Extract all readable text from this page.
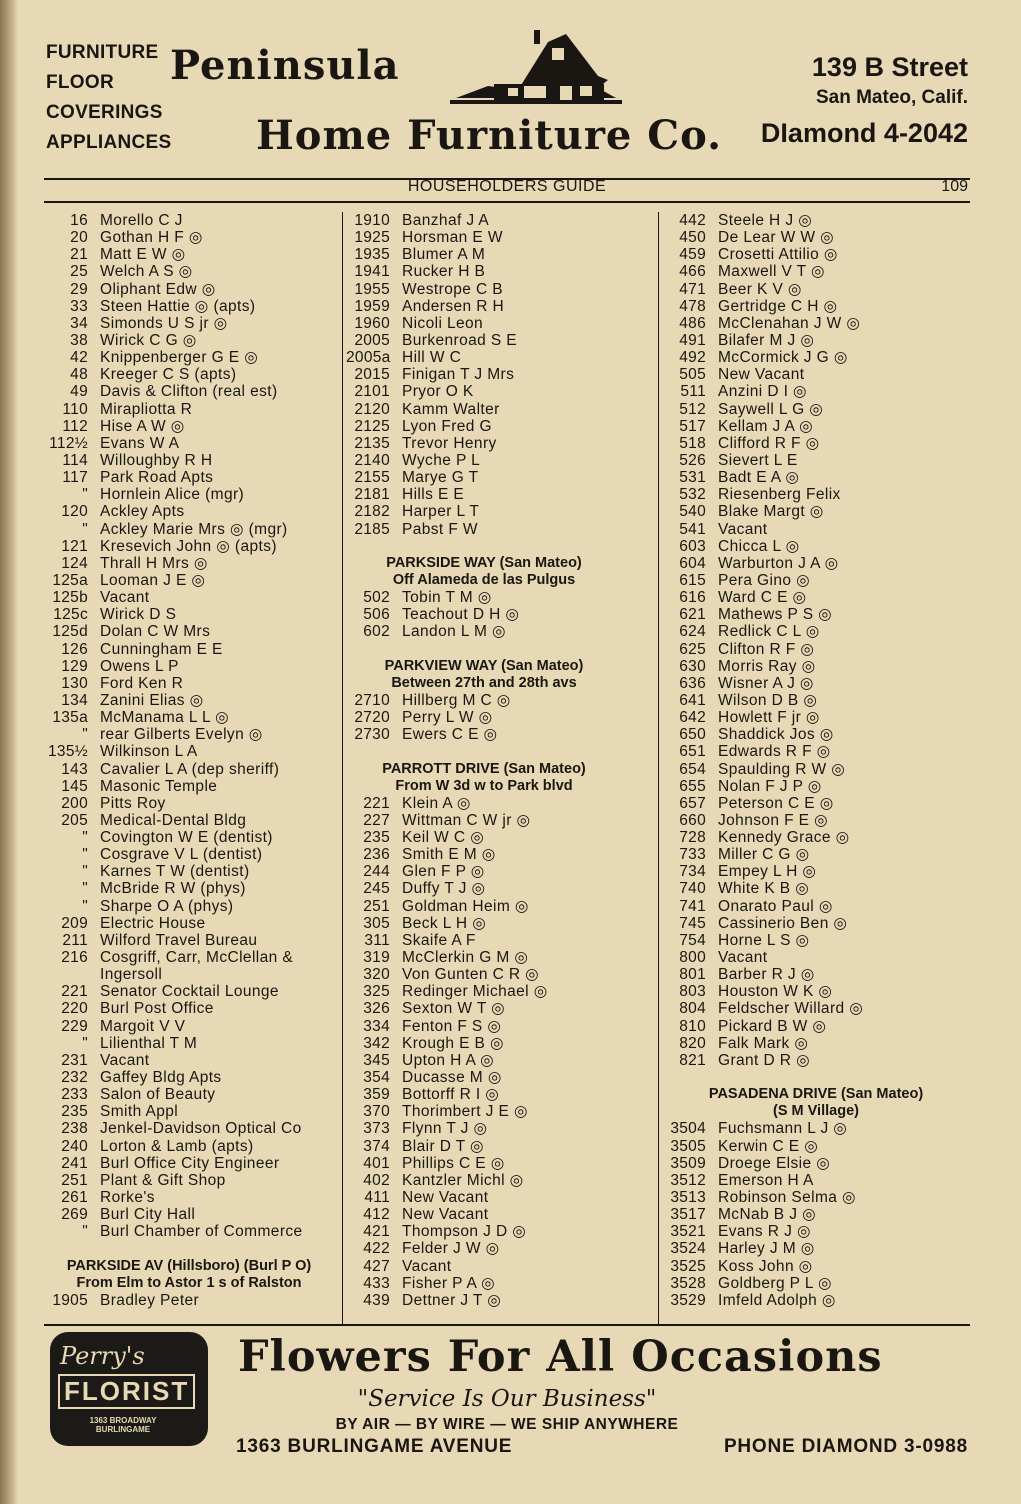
FURNITURE
FLOOR
COVERINGS
APPLIANCES
Peninsula
Home Furniture Co.
139 B Street
San Mateo, Calif.
DIamond 4-2042
HOUSEHOLDERS GUIDE	109
16 Morello C J
20 Gothan H F ◎
21 Matt E W ◎
25 Welch A S ◎
29 Oliphant Edw ◎
33 Steen Hattie ◎ (apts)
34 Simonds U S jr ◎
38 Wirick C G ◎
42 Knippenberger G E ◎
48 Kreeger C S (apts)
49 Davis & Clifton (real est)
110 Mirapliotta R
112 Hise A W ◎
112½ Evans W A
114 Willoughby R H
117 Park Road Apts
" Hornlein Alice (mgr)
120 Ackley Apts
" Ackley Marie Mrs ◎ (mgr)
121 Kresevich John ◎ (apts)
124 Thrall H Mrs ◎
125a Looman J E ◎
125b Vacant
125c Wirick D S
125d Dolan C W Mrs
126 Cunningham E E
129 Owens L P
130 Ford Ken R
134 Zanini Elias ◎
135a McManama L L ◎
" rear Gilberts Evelyn ◎
135½ Wilkinson L A
143 Cavalier L A (dep sheriff)
145 Masonic Temple
200 Pitts Roy
205 Medical-Dental Bldg
" Covington W E (dentist)
" Cosgrave V L (dentist)
" Karnes T W (dentist)
" McBride R W (phys)
" Sharpe O A (phys)
209 Electric House
211 Wilford Travel Bureau
216 Cosgriff, Carr, McClellan &
Ingersoll
221 Senator Cocktail Lounge
220 Burl Post Office
229 Margoit V V
" Lilienthal T M
231 Vacant
232 Gaffey Bldg Apts
233 Salon of Beauty
235 Smith Appl
238 Jenkel-Davidson Optical Co
240 Lorton & Lamb (apts)
241 Burl Office City Engineer
251 Plant & Gift Shop
261 Rorke's
269 Burl City Hall
" Burl Chamber of Commerce
PARKSIDE AV (Hillsboro) (Burl P O)
From Elm to Astor 1 s of Ralston
1905 Bradley Peter
1910 Banzhaf J A
1925 Horsman E W
1935 Blumer A M
1941 Rucker H B
1955 Westrope C B
1959 Andersen R H
1960 Nicoli Leon
2005 Burkenroad S E
2005a Hill W C
2015 Finigan T J Mrs
2101 Pryor O K
2120 Kamm Walter
2125 Lyon Fred G
2135 Trevor Henry
2140 Wyche P L
2155 Marye G T
2181 Hills E E
2182 Harper L T
2185 Pabst F W
PARKSIDE WAY (San Mateo)
Off Alameda de las Pulgus
502 Tobin T M ◎
506 Teachout D H ◎
602 Landon L M ◎
PARKVIEW WAY (San Mateo)
Between 27th and 28th avs
2710 Hillberg M C ◎
2720 Perry L W ◎
2730 Ewers C E ◎
PARROTT DRIVE (San Mateo)
From W 3d w to Park blvd
221 Klein A ◎
227 Wittman C W jr ◎
235 Keil W C ◎
236 Smith E M ◎
244 Glen F P ◎
245 Duffy T J ◎
251 Goldman Heim ◎
305 Beck L H ◎
311 Skaife A F
319 McClerkin G M ◎
320 Von Gunten C R ◎
325 Redinger Michael ◎
326 Sexton W T ◎
334 Fenton F S ◎
342 Krough E B ◎
345 Upton H A ◎
354 Ducasse M ◎
359 Bottorff R I ◎
370 Thorimbert J E ◎
373 Flynn T J ◎
374 Blair D T ◎
401 Phillips C E ◎
402 Kantzler Michl ◎
411 New Vacant
412 New Vacant
421 Thompson J D ◎
422 Felder J W ◎
427 Vacant
433 Fisher P A ◎
439 Dettner J T ◎
442 Steele H J ◎
450 De Lear W W ◎
459 Crosetti Attilio ◎
466 Maxwell V T ◎
471 Beer K V ◎
478 Gertridge C H ◎
486 McClenahan J W ◎
491 Bilafer M J ◎
492 McCormick J G ◎
505 New Vacant
511 Anzini D I ◎
512 Saywell L G ◎
517 Kellam J A ◎
518 Clifford R F ◎
526 Sievert L E
531 Badt E A ◎
532 Riesenberg Felix
540 Blake Margt ◎
541 Vacant
603 Chicca L ◎
604 Warburton J A ◎
615 Pera Gino ◎
616 Ward C E ◎
621 Mathews P S ◎
624 Redlick C L ◎
625 Clifton R F ◎
630 Morris Ray ◎
636 Wisner A J ◎
641 Wilson D B ◎
642 Howlett F jr ◎
650 Shaddick Jos ◎
651 Edwards R F ◎
654 Spaulding R W ◎
655 Nolan F J P ◎
657 Peterson C E ◎
660 Johnson F E ◎
728 Kennedy Grace ◎
733 Miller C G ◎
734 Empey L H ◎
740 White K B ◎
741 Onarato Paul ◎
745 Cassinerio Ben ◎
754 Horne L S ◎
800 Vacant
801 Barber R J ◎
803 Houston W K ◎
804 Feldscher Willard ◎
810 Pickard B W ◎
820 Falk Mark ◎
821 Grant D R ◎
PASADENA DRIVE (San Mateo)
(S M Village)
3504 Fuchsmann L J ◎
3505 Kerwin C E ◎
3509 Droege Elsie ◎
3512 Emerson H A
3513 Robinson Selma ◎
3517 McNab B J ◎
3521 Evans R J ◎
3524 Harley J M ◎
3525 Koss John ◎
3528 Goldberg P L ◎
3529 Imfeld Adolph ◎
Perry's
FLORIST
1363 BROADWAY BURLINGAME
Flowers For All Occasions
"Service Is Our Business"
BY AIR — BY WIRE — WE SHIP ANYWHERE
1363 BURLINGAME AVENUE	PHONE DIAMOND 3-0988
